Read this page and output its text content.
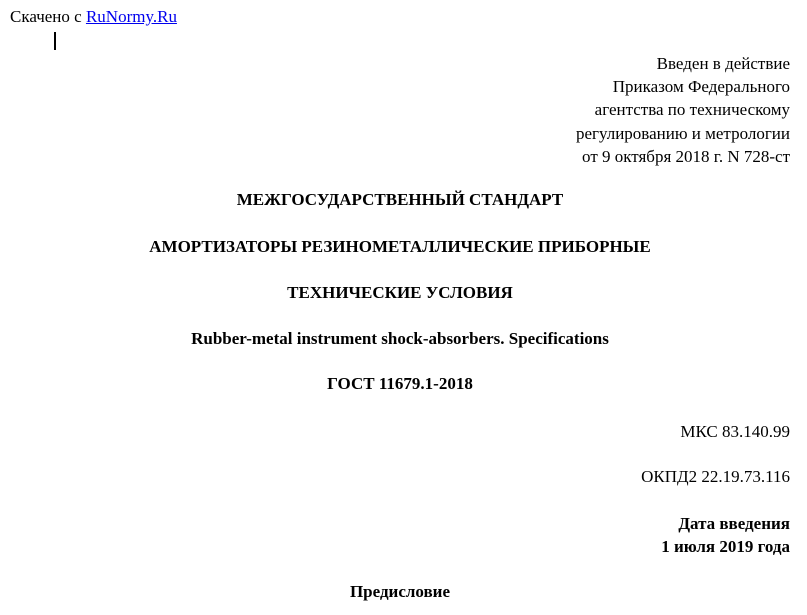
Скачено с RuNormy.Ru
Введен в действие
Приказом Федерального
агентства по техническому
регулированию и метрологии
от 9 октября 2018 г. N 728-ст
МЕЖГОСУДАРСТВЕННЫЙ СТАНДАРТ
АМОРТИЗАТОРЫ РЕЗИНОМЕТАЛЛИЧЕСКИЕ ПРИБОРНЫЕ
ТЕХНИЧЕСКИЕ УСЛОВИЯ
Rubber-metal instrument shock-absorbers. Specifications
ГОСТ 11679.1-2018
МКС 83.140.99
ОКПД2 22.19.73.116
Дата введения
1 июля 2019 года
Предисловие
